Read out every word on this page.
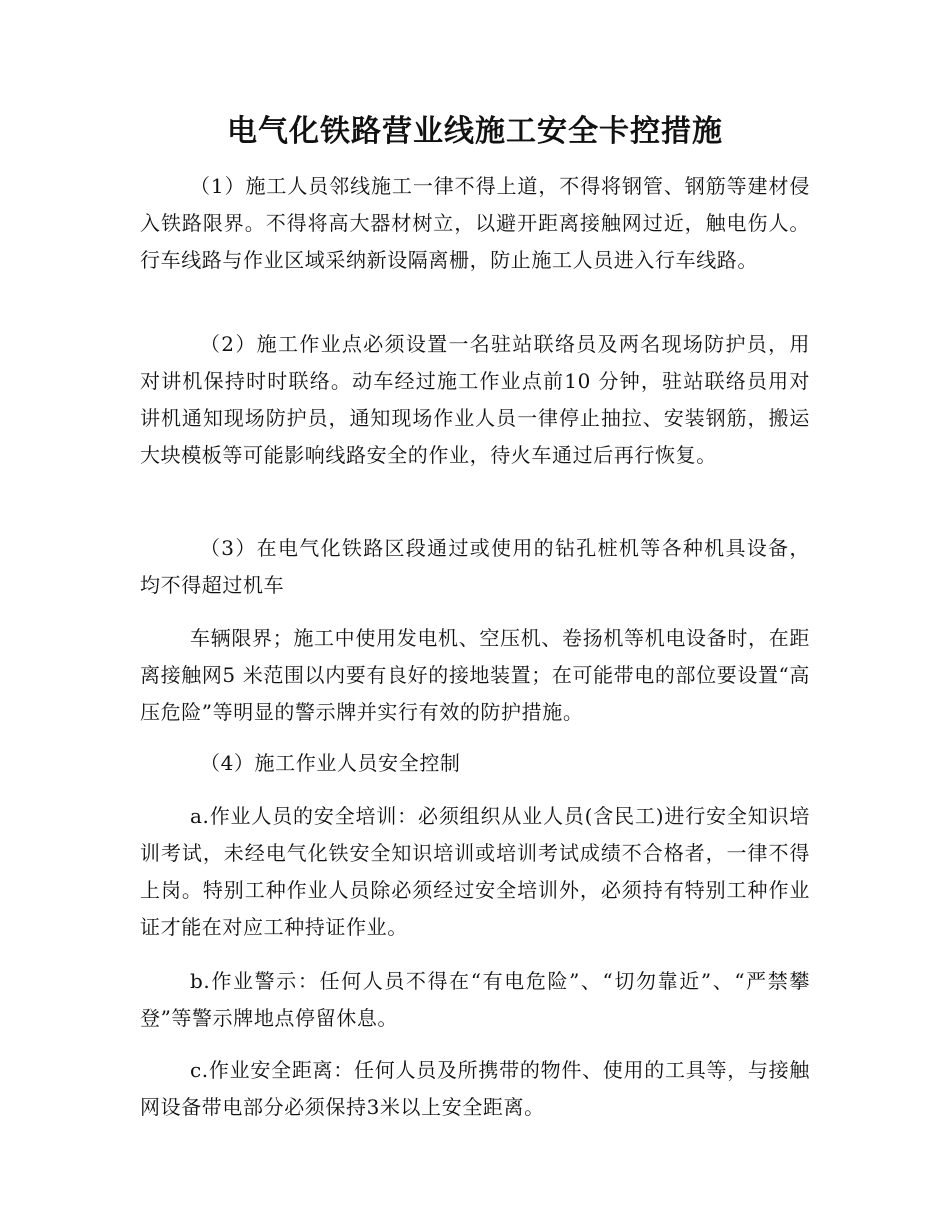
电气化铁路营业线施工安全卡控措施

（1）施工人员邻线施工一律不得上道，不得将钢管、钢筋等建材侵入铁路限界。不得将高大器材树立，以避开距离接触网过近，触电伤人。行车线路与作业区域采纳新设隔离栅，防止施工人员进入行车线路。

（2）施工作业点必须设置一名驻站联络员及两名现场防护员，用对讲机保持时时联络。动车经过施工作业点前10 分钟，驻站联络员用对讲机通知现场防护员，通知现场作业人员一律停止抽拉、安装钢筋，搬运大块模板等可能影响线路安全的作业，待火车通过后再行恢复。

（3）在电气化铁路区段通过或使用的钻孔桩机等各种机具设备，均不得超过机车

车辆限界；施工中使用发电机、空压机、卷扬机等机电设备时，在距离接触网5 米范围以内要有良好的接地装置；在可能带电的部位要设置“高压危险”等明显的警示牌并实行有效的防护措施。

（4）施工作业人员安全控制

a.作业人员的安全培训：必须组织从业人员(含民工)进行安全知识培训考试，未经电气化铁安全知识培训或培训考试成绩不合格者，一律不得上岗。特别工种作业人员除必须经过安全培训外，必须持有特别工种作业证才能在对应工种持证作业。

b.作业警示：任何人员不得在“有电危险”、“切勿靠近”、“严禁攀登”等警示牌地点停留休息。

c.作业安全距离：任何人员及所携带的物件、使用的工具等，与接触网设备带电部分必须保持3米以上安全距离。
